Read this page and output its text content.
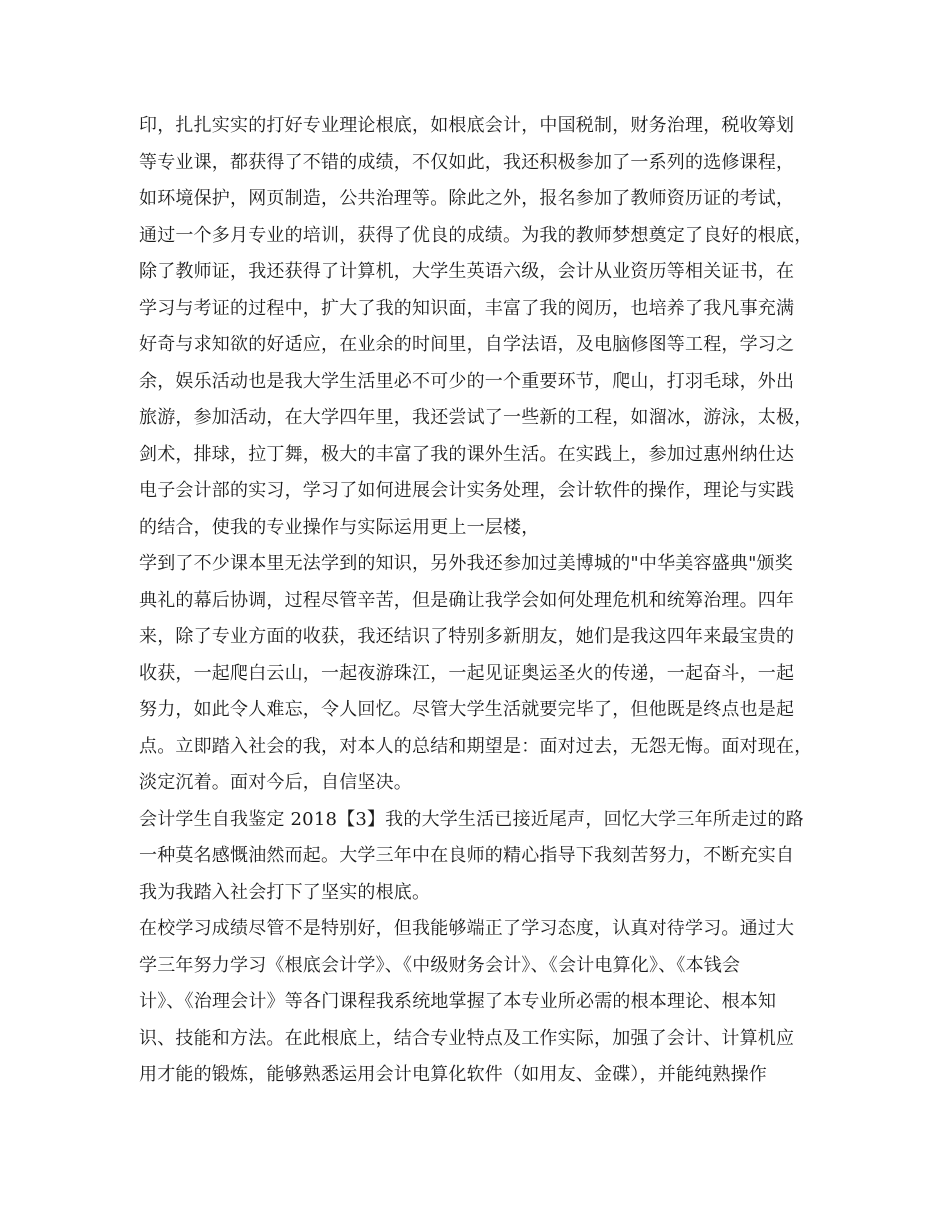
印，扎扎实实的打好专业理论根底，如根底会计，中国税制，财务治理，税收筹划
等专业课，都获得了不错的成绩，不仅如此，我还积极参加了一系列的选修课程，
如环境保护，网页制造，公共治理等。除此之外，报名参加了教师资历证的考试，
通过一个多月专业的培训，获得了优良的成绩。为我的教师梦想奠定了良好的根底，
除了教师证，我还获得了计算机，大学生英语六级，会计从业资历等相关证书，在
学习与考证的过程中，扩大了我的知识面，丰富了我的阅历，也培养了我凡事充满
好奇与求知欲的好适应，在业余的时间里，自学法语，及电脑修图等工程，学习之
余，娱乐活动也是我大学生活里必不可少的一个重要环节，爬山，打羽毛球，外出
旅游，参加活动，在大学四年里，我还尝试了一些新的工程，如溜冰，游泳，太极，
剑术，排球，拉丁舞，极大的丰富了我的课外生活。在实践上，参加过惠州纳仕达
电子会计部的实习，学习了如何进展会计实务处理，会计软件的操作，理论与实践
的结合，使我的专业操作与实际运用更上一层楼，
学到了不少课本里无法学到的知识，另外我还参加过美博城的"中华美容盛典"颁奖
典礼的幕后协调，过程尽管辛苦，但是确让我学会如何处理危机和统筹治理。四年
来，除了专业方面的收获，我还结识了特别多新朋友，她们是我这四年来最宝贵的
收获，一起爬白云山，一起夜游珠江，一起见证奥运圣火的传递，一起奋斗，一起
努力，如此令人难忘，令人回忆。尽管大学生活就要完毕了，但他既是终点也是起
点。立即踏入社会的我，对本人的总结和期望是：面对过去，无怨无悔。面对现在，
淡定沉着。面对今后，自信坚决。
会计学生自我鉴定 2018【3】我的大学生活已接近尾声，回忆大学三年所走过的路
一种莫名感慨油然而起。大学三年中在良师的精心指导下我刻苦努力，不断充实自
我为我踏入社会打下了坚实的根底。
在校学习成绩尽管不是特别好，但我能够端正了学习态度，认真对待学习。通过大
学三年努力学习《根底会计学》、《中级财务会计》、《会计电算化》、《本钱会
计》、《治理会计》等各门课程我系统地掌握了本专业所必需的根本理论、根本知
识、技能和方法。在此根底上，结合专业特点及工作实际，加强了会计、计算机应
用才能的锻炼，能够熟悉运用会计电算化软件（如用友、金碟），并能纯熟操作
